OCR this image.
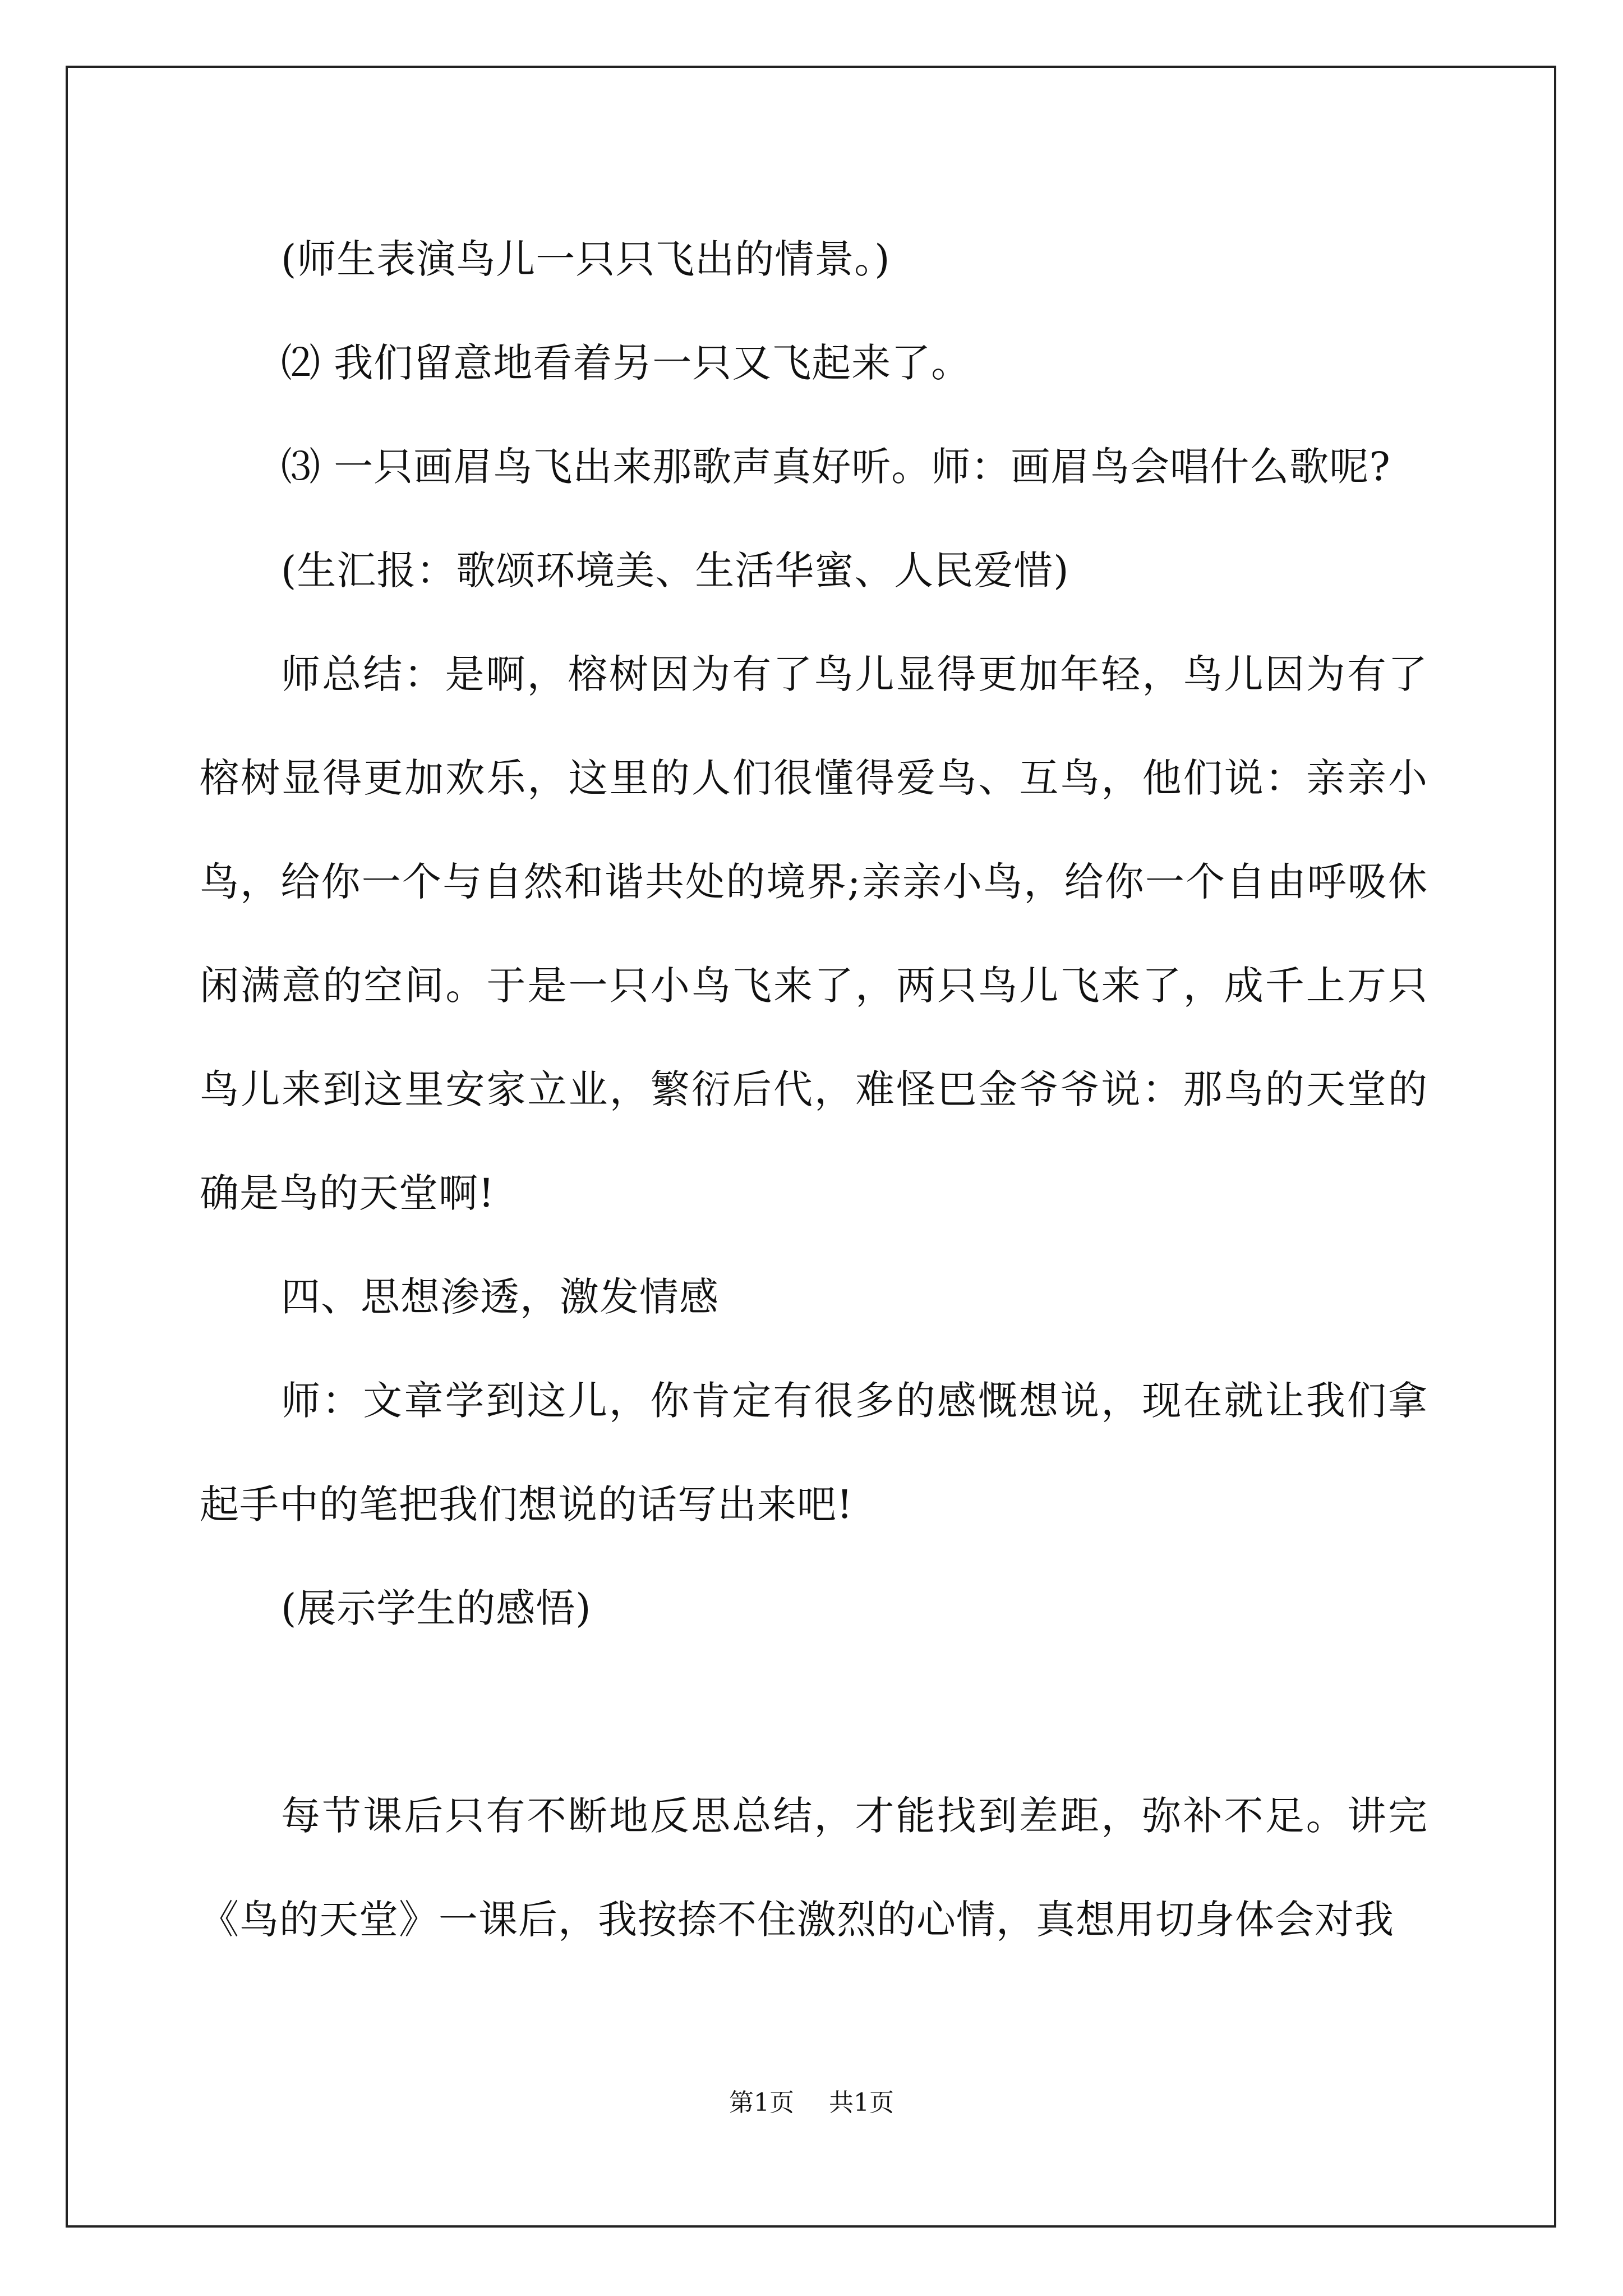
(师生表演鸟儿一只只飞出的情景。)

⑵ 我们留意地看着另一只又飞起来了。

⑶ 一只画眉鸟飞出来那歌声真好听。师：画眉鸟会唱什么歌呢?

(生汇报：歌颂环境美、生活华蜜、人民爱惜)

师总结：是啊，榕树因为有了鸟儿显得更加年轻，鸟儿因为有了榕树显得更加欢乐，这里的人们很懂得爱鸟、互鸟，他们说：亲亲小鸟，给你一个与自然和谐共处的境界;亲亲小鸟，给你一个自由呼吸休闲满意的空间。于是一只小鸟飞来了，两只鸟儿飞来了，成千上万只鸟儿来到这里安家立业，繁衍后代，难怪巴金爷爷说：那鸟的天堂的确是鸟的天堂啊!

四、思想渗透，激发情感

师：文章学到这儿，你肯定有很多的感慨想说，现在就让我们拿起手中的笔把我们想说的话写出来吧!

(展示学生的感悟)

每节课后只有不断地反思总结，才能找到差距，弥补不足。讲完《鸟的天堂》一课后，我按捺不住激烈的心情，真想用切身体会对我

第1页 共1页
